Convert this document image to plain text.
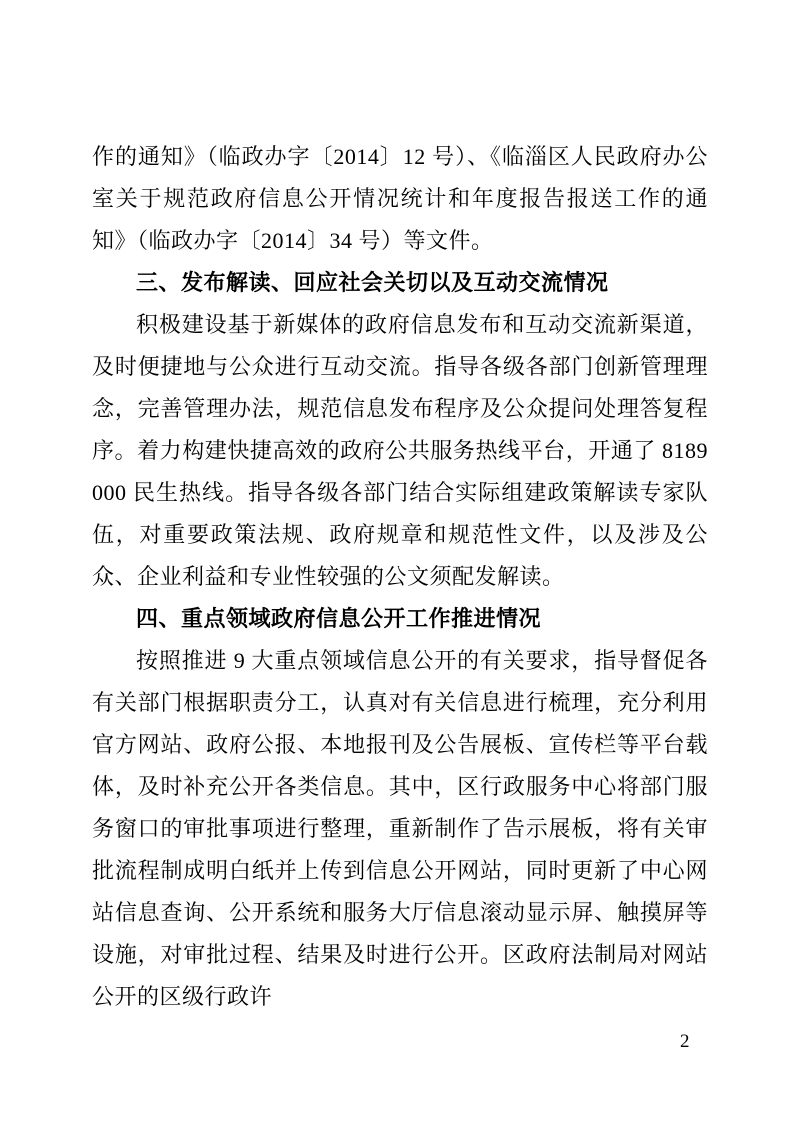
作的通知》（临政办字〔2014〕12 号）、《临淄区人民政府办公室关于规范政府信息公开情况统计和年度报告报送工作的通知》（临政办字〔2014〕34 号）等文件。

三、发布解读、回应社会关切以及互动交流情况

积极建设基于新媒体的政府信息发布和互动交流新渠道，及时便捷地与公众进行互动交流。指导各级各部门创新管理理念，完善管理办法，规范信息发布程序及公众提问处理答复程序。着力构建快捷高效的政府公共服务热线平台，开通了 8189000 民生热线。指导各级各部门结合实际组建政策解读专家队伍，对重要政策法规、政府规章和规范性文件，以及涉及公众、企业利益和专业性较强的公文须配发解读。

四、重点领域政府信息公开工作推进情况

按照推进 9 大重点领域信息公开的有关要求，指导督促各有关部门根据职责分工，认真对有关信息进行梳理，充分利用官方网站、政府公报、本地报刊及公告展板、宣传栏等平台载体，及时补充公开各类信息。其中，区行政服务中心将部门服务窗口的审批事项进行整理，重新制作了告示展板，将有关审批流程制成明白纸并上传到信息公开网站，同时更新了中心网站信息查询、公开系统和服务大厅信息滚动显示屏、触摸屏等设施，对审批过程、结果及时进行公开。区政府法制局对网站公开的区级行政许

2
